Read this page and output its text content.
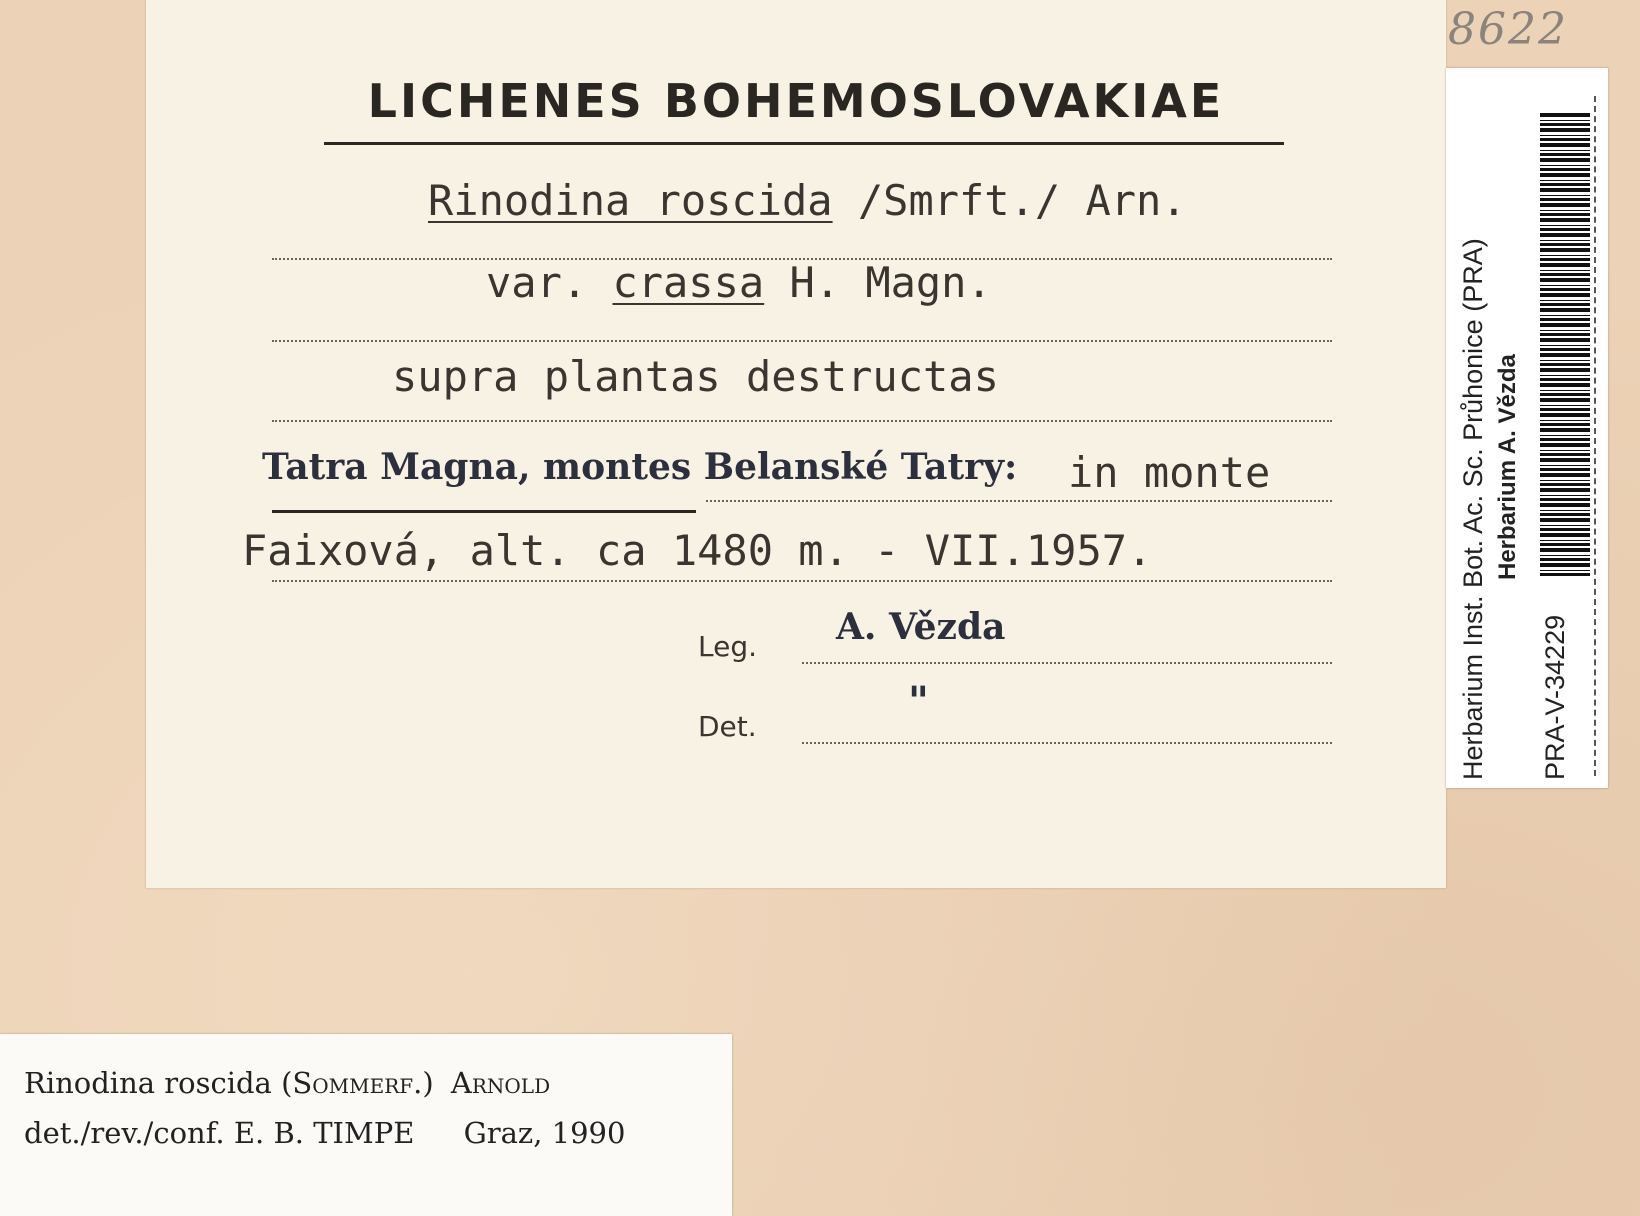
8622
LICHENES BOHEMOSLOVAKIAE
Rinodina roscida /Smrft./ Arn.
var. crassa H. Magn.
supra plantas destructas
Tatra Magna, montes Belanské Tatry: in monte
Faixová, alt. ca 1480 m. - VII.1957.
Leg. A. Vězda
Det.
"	Herbarium Inst. Bot. Ac. Sc. Průhonice (PRA) Herbarium A. Vězda
PRA-V-34229
Rinodina roscida (Sommerf.) Arnold
det./rev./conf. E. B. TIMPE Graz, 1990
